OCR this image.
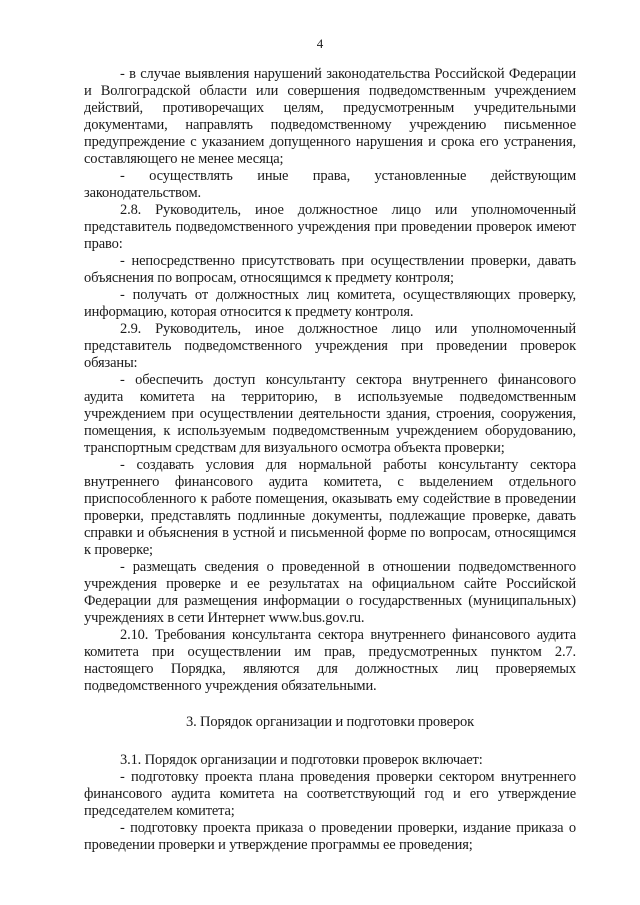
4

- в случае выявления нарушений законодательства Российской Федерации и Волгоградской области или совершения подведомственным учреждением действий, противоречащих целям, предусмотренным учредительными документами, направлять подведомственному учреждению письменное предупреждение с указанием допущенного нарушения и срока его устранения, составляющего не менее месяца;

- осуществлять иные права, установленные действующим законодательством.

2.8. Руководитель, иное должностное лицо или уполномоченный представитель подведомственного учреждения при проведении проверок имеют право:

- непосредственно присутствовать при осуществлении проверки, давать объяснения по вопросам, относящимся к предмету контроля;

- получать от должностных лиц комитета, осуществляющих проверку, информацию, которая относится к предмету контроля.

2.9. Руководитель, иное должностное лицо или уполномоченный представитель подведомственного учреждения при проведении проверок обязаны:

- обеспечить доступ консультанту сектора внутреннего финансового аудита комитета на территорию, в используемые подведомственным учреждением при осуществлении деятельности здания, строения, сооружения, помещения, к используемым подведомственным учреждением оборудованию, транспортным средствам для визуального осмотра объекта проверки;

- создавать условия для нормальной работы консультанту сектора внутреннего финансового аудита комитета, с выделением отдельного приспособленного к работе помещения, оказывать ему содействие в проведении проверки, представлять подлинные документы, подлежащие проверке, давать справки и объяснения в устной и письменной форме по вопросам, относящимся к проверке;

- размещать сведения о проведенной в отношении подведомственного учреждения проверке и ее результатах на официальном сайте Российской Федерации для размещения информации о государственных (муниципальных) учреждениях в сети Интернет www.bus.gov.ru.

2.10. Требования консультанта сектора внутреннего финансового аудита комитета при осуществлении им прав, предусмотренных пунктом 2.7. настоящего Порядка, являются для должностных лиц проверяемых подведомственного учреждения обязательными.

3. Порядок организации и подготовки проверок

3.1. Порядок организации и подготовки проверок включает:

- подготовку проекта плана проведения проверки сектором внутреннего финансового аудита комитета на соответствующий год и его утверждение председателем комитета;

- подготовку проекта приказа о проведении проверки, издание приказа о проведении проверки и утверждение программы ее проведения;
